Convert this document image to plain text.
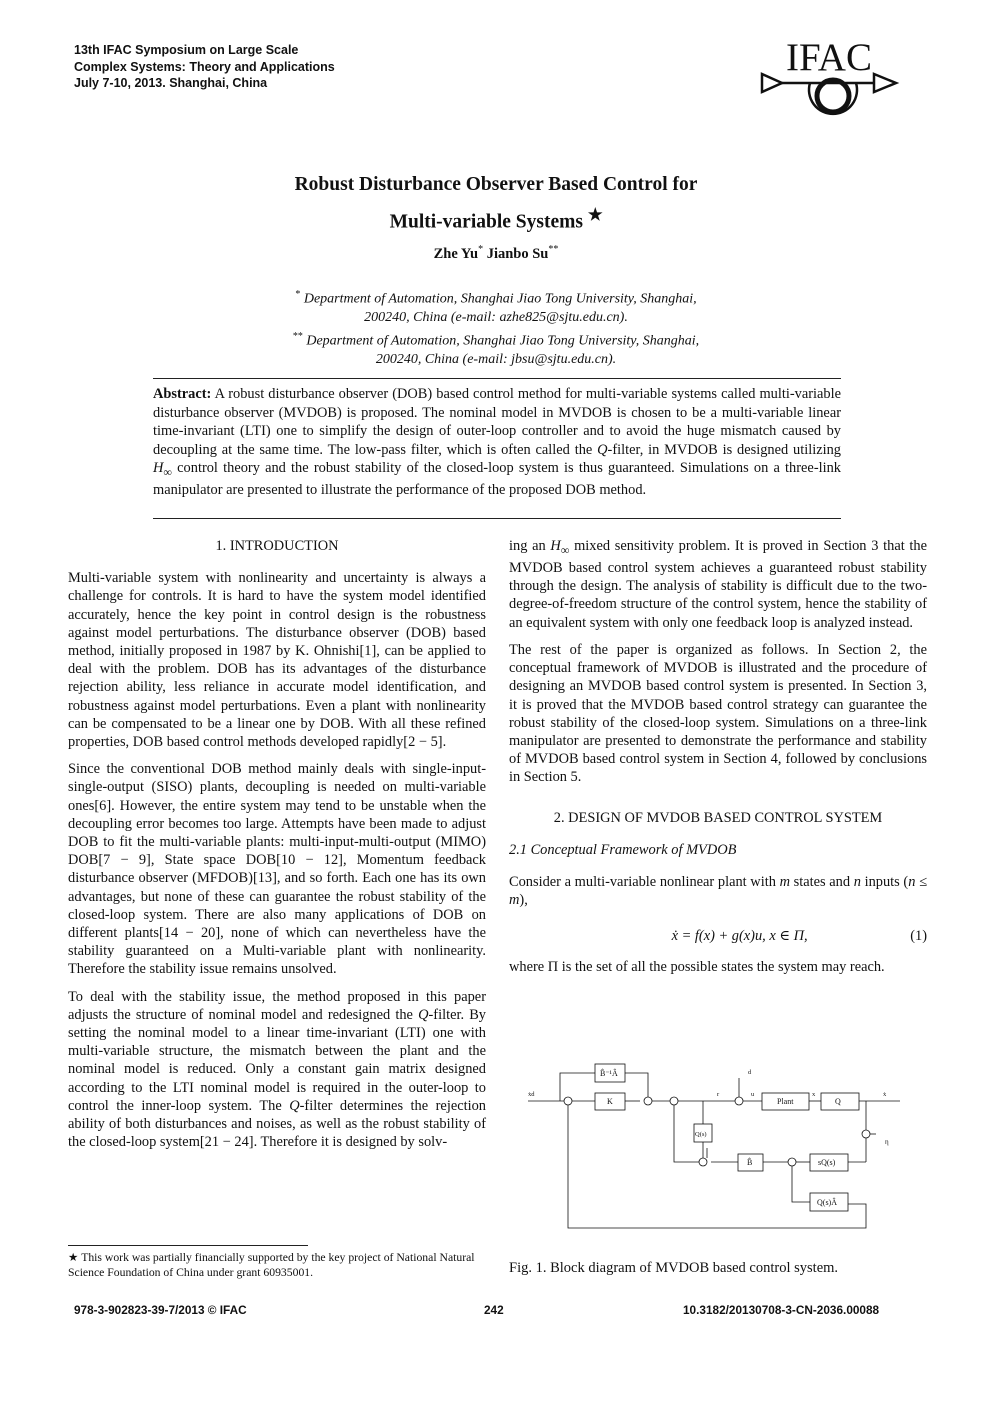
13th IFAC Symposium on Large Scale
Complex Systems: Theory and Applications
July 7-10, 2013. Shanghai, China
IFAC
Robust Disturbance Observer Based Control for
Multi-variable Systems ★
Zhe Yu* Jianbo Su**
* Department of Automation, Shanghai Jiao Tong University, Shanghai,
200240, China (e-mail: azhe825@sjtu.edu.cn).
** Department of Automation, Shanghai Jiao Tong University, Shanghai,
200240, China (e-mail: jbsu@sjtu.edu.cn).
Abstract: A robust disturbance observer (DOB) based control method for multi-variable systems called multi-variable disturbance observer (MVDOB) is proposed. The nominal model in MVDOB is chosen to be a multi-variable linear time-invariant (LTI) one to simplify the design of outer-loop controller and to avoid the huge mismatch caused by decoupling at the same time. The low-pass filter, which is often called the Q-filter, in MVDOB is designed utilizing $H_\infty$ control theory and the robust stability of the closed-loop system is thus guaranteed. Simulations on a three-link manipulator are presented to illustrate the performance of the proposed DOB method.
1. INTRODUCTION

Multi-variable system with nonlinearity and uncertainty is always a challenge for controls. It is hard to have the system model identified accurately, hence the key point in control design is the robustness against model perturbations. The disturbance observer (DOB) based method, initially proposed in 1987 by K. Ohnishi[1], can be applied to deal with the problem. DOB has its advantages of the disturbance rejection ability, less reliance in accurate model identification, and robustness against model perturbations. Even a plant with nonlinearity can be compensated to be a linear one by DOB. With all these refined properties, DOB based control methods developed rapidly[2 − 5].

Since the conventional DOB method mainly deals with single-input-single-output (SISO) plants, decoupling is needed on multi-variable ones[6]. However, the entire system may tend to be unstable when the decoupling error becomes too large. Attempts have been made to adjust DOB to fit the multi-variable plants: multi-input-multi-output (MIMO) DOB[7 − 9], State space DOB[10 − 12], Momentum feedback disturbance observer (MFDOB)[13], and so forth. Each one has its own advantages, but none of these can guarantee the robust stability of the closed-loop system. There are also many applications of DOB on different plants[14 − 20], none of which can nevertheless have the stability guaranteed on a Multi-variable plant with nonlinearity. Therefore the stability issue remains unsolved.

To deal with the stability issue, the method proposed in this paper adjusts the structure of nominal model and redesigned the Q-filter. By setting the nominal model to a linear time-invariant (LTI) one with multi-variable structure, the mismatch between the plant and the nominal model is reduced. Only a constant gain matrix designed according to the LTI nominal model is required in the outer-loop to control the inner-loop system. The Q-filter determines the rejection ability of both disturbances and noises, as well as the robust stability of the closed-loop system[21 − 24]. Therefore it is designed by solv-

★ This work was partially financially supported by the key project of National Natural Science Foundation of China under grant 60935001.

ing an $H_\infty$ mixed sensitivity problem. It is proved in Section 3 that the MVDOB based control system achieves a guaranteed robust stability through the design. The analysis of stability is difficult due to the two-degree-of-freedom structure of the control system, hence the stability of an equivalent system with only one feedback loop is analyzed instead.

The rest of the paper is organized as follows. In Section 2, the conceptual framework of MVDOB is illustrated and the procedure of designing an MVDOB based control system is presented. In Section 3, it is proved that the MVDOB based control strategy can guarantee the robust stability of the closed-loop system. Simulations on a three-link manipulator are presented to demonstrate the performance and stability of MVDOB based control system in Section 4, followed by conclusions in Section 5.

2. DESIGN OF MVDOB BASED CONTROL SYSTEM
2.1 Conceptual Framework of MVDOB

Consider a multi-variable nonlinear plant with m states and n inputs (n ≤ m),

ẋ = f(x) + g(x)u, x ∈ Π,	(1)

where Π is the set of all the possible states the system may reach.

B̂⁻¹Â
K	Plant	Q
Q(s)
B̂	sQ(s)
Q(s)Â
ẋd	r
d
u	x	ẋ
η
Fig. 1. Block diagram of MVDOB based control system.
978-3-902823-39-7/2013 © IFAC	242	10.3182/20130708-3-CN-2036.00088
